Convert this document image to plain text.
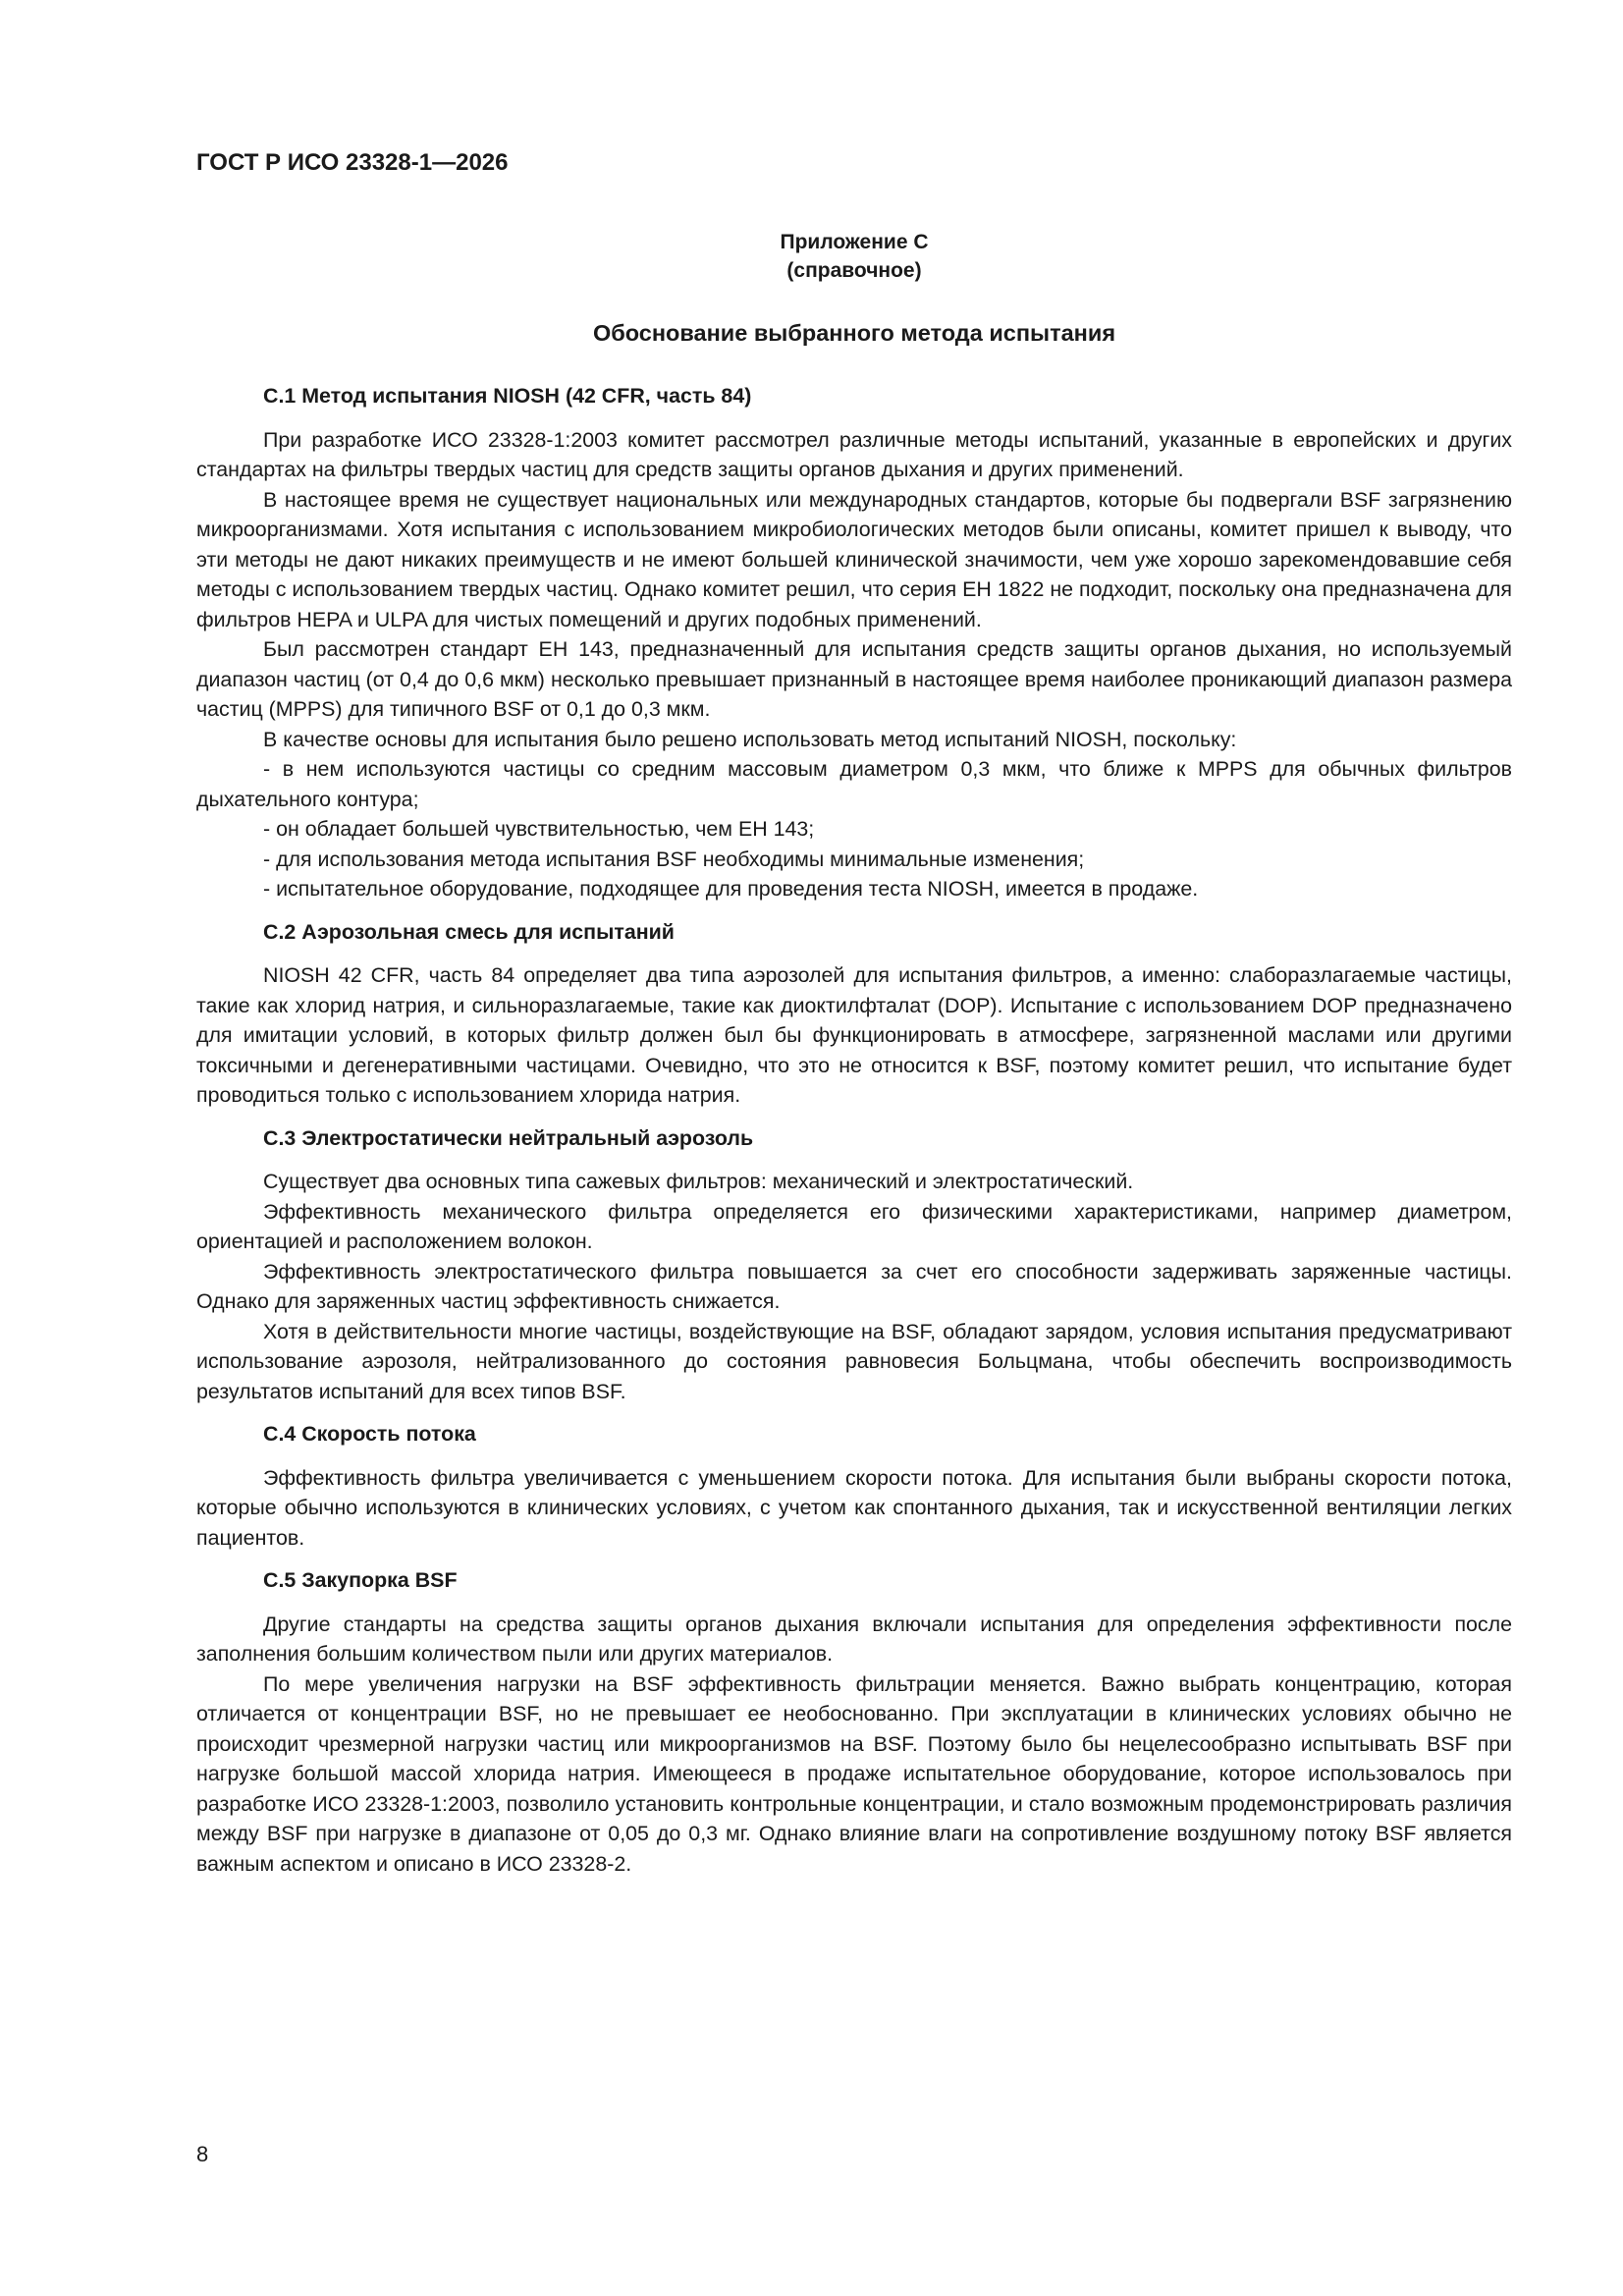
ГОСТ Р ИСО 23328-1—2026
Приложение С
(справочное)
Обоснование выбранного метода испытания
С.1 Метод испытания NIOSH (42 CFR, часть 84)

При разработке ИСО 23328-1:2003 комитет рассмотрел различные методы испытаний, указанные в европейских и других стандартах на фильтры твердых частиц для средств защиты органов дыхания и других применений.

В настоящее время не существует национальных или международных стандартов, которые бы подвергали BSF загрязнению микроорганизмами. Хотя испытания с использованием микробиологических методов были описаны, комитет пришел к выводу, что эти методы не дают никаких преимуществ и не имеют большей клинической значимости, чем уже хорошо зарекомендовавшие себя методы с использованием твердых частиц. Однако комитет решил, что серия ЕН 1822 не подходит, поскольку она предназначена для фильтров HEPA и ULPA для чистых помещений и других подобных применений.

Был рассмотрен стандарт ЕН 143, предназначенный для испытания средств защиты органов дыхания, но используемый диапазон частиц (от 0,4 до 0,6 мкм) несколько превышает признанный в настоящее время наиболее проникающий диапазон размера частиц (MPPS) для типичного BSF от 0,1 до 0,3 мкм.

В качестве основы для испытания было решено использовать метод испытаний NIOSH, поскольку:

- в нем используются частицы со средним массовым диаметром 0,3 мкм, что ближе к MPPS для обычных фильтров дыхательного контура;

- он обладает большей чувствительностью, чем ЕН 143;

- для использования метода испытания BSF необходимы минимальные изменения;

- испытательное оборудование, подходящее для проведения теста NIOSH, имеется в продаже.

С.2 Аэрозольная смесь для испытаний

NIOSH 42 CFR, часть 84 определяет два типа аэрозолей для испытания фильтров, а именно: слаборазлагаемые частицы, такие как хлорид натрия, и сильноразлагаемые, такие как диоктилфталат (DOP). Испытание с использованием DOP предназначено для имитации условий, в которых фильтр должен был бы функционировать в атмосфере, загрязненной маслами или другими токсичными и дегенеративными частицами. Очевидно, что это не относится к BSF, поэтому комитет решил, что испытание будет проводиться только с использованием хлорида натрия.

С.3 Электростатически нейтральный аэрозоль

Существует два основных типа сажевых фильтров: механический и электростатический.

Эффективность механического фильтра определяется его физическими характеристиками, например диаметром, ориентацией и расположением волокон.

Эффективность электростатического фильтра повышается за счет его способности задерживать заряженные частицы. Однако для заряженных частиц эффективность снижается.

Хотя в действительности многие частицы, воздействующие на BSF, обладают зарядом, условия испытания предусматривают использование аэрозоля, нейтрализованного до состояния равновесия Больцмана, чтобы обеспечить воспроизводимость результатов испытаний для всех типов BSF.

С.4 Скорость потока

Эффективность фильтра увеличивается с уменьшением скорости потока. Для испытания были выбраны скорости потока, которые обычно используются в клинических условиях, с учетом как спонтанного дыхания, так и искусственной вентиляции легких пациентов.

С.5 Закупорка BSF

Другие стандарты на средства защиты органов дыхания включали испытания для определения эффективности после заполнения большим количеством пыли или других материалов.

По мере увеличения нагрузки на BSF эффективность фильтрации меняется. Важно выбрать концентрацию, которая отличается от концентрации BSF, но не превышает ее необоснованно. При эксплуатации в клинических условиях обычно не происходит чрезмерной нагрузки частиц или микроорганизмов на BSF. Поэтому было бы нецелесообразно испытывать BSF при нагрузке большой массой хлорида натрия. Имеющееся в продаже испытательное оборудование, которое использовалось при разработке ИСО 23328-1:2003, позволило установить контрольные концентрации, и стало возможным продемонстрировать различия между BSF при нагрузке в диапазоне от 0,05 до 0,3 мг. Однако влияние влаги на сопротивление воздушному потоку BSF является важным аспектом и описано в ИСО 23328-2.

8
